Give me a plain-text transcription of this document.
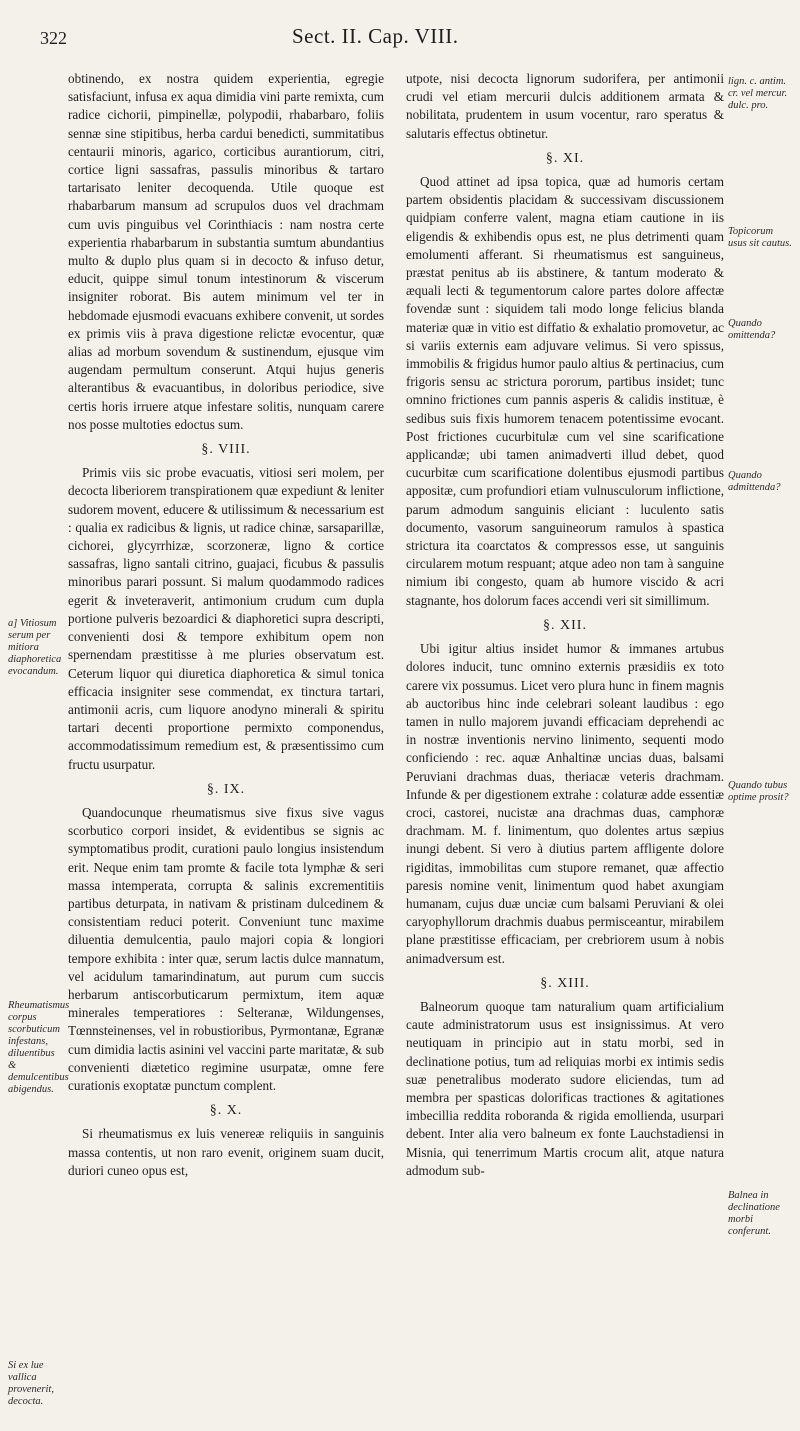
322	Sect. II. Cap. VIII.

obtinendo, ex nostra quidem experientia, egregie satisfaciunt, infusa ex aqua dimidia vini parte remixta, cum radice cichorii, pimpinellæ, polypodii, rhabarbaro, foliis sennæ sine stipitibus, herba cardui benedicti, summitatibus centaurii minoris, agarico, corticibus aurantiorum, citri, cortice ligni sassafras, passulis minoribus & tartaro tartarisato leniter decoquenda. Utile quoque est rhabarbarum mansum ad scrupulos duos vel drachmam cum uvis pinguibus vel Corinthiacis : nam nostra certe experientia rhabarbarum in substantia sumtum abundantius multo & duplo plus quam si in decocto & infuso detur, educit, quippe simul tonum intestinorum & viscerum insigniter roborat. Bis autem minimum vel ter in hebdomade ejusmodi evacuans exhibere convenit, ut sordes ex primis viis à prava digestione relictæ evocentur, quæ alias ad morbum sovendum & sustinendum, ejusque vim augendam permultum conserunt. Atqui hujus generis alterantibus & evacuantibus, in doloribus periodice, sive certis horis irruere atque infestare solitis, nunquam carere nos posse multoties edoctus sum.

§. VIII.

Primis viis sic probe evacuatis, vitiosi seri molem, per decocta liberiorem transpirationem quæ expediunt & leniter sudorem movent, educere & utilissimum & necessarium est : qualia ex radicibus & lignis, ut radice chinæ, sarsaparillæ, cichorei, glycyrrhizæ, scorzoneræ, ligno & cortice sassafras, ligno santali citrino, guajaci, ficubus & passulis minoribus parari possunt. Si malum quodammodo radices egerit & inveteraverit, antimonium crudum cum dupla portione pulveris bezoardici & diaphoretici supra descripti, convenienti dosi & tempore exhibitum opem non spernendam præstitisse à me pluries observatum est. Ceterum liquor qui diuretica diaphoretica & simul tonica efficacia insigniter sese commendat, ex tinctura tartari, antimonii acris, cum liquore anodyno minerali & spiritu tartari decenti proportione permixto componendus, accommodatissimum remedium est, & præsentissimo cum fructu usurpatur.

§. IX.

Quandocunque rheumatismus sive fixus sive vagus scorbutico corpori insidet, & evidentibus se signis ac symptomatibus prodit, curationi paulo longius insistendum erit. Neque enim tam promte & facile tota lymphæ & seri massa intemperata, corrupta & salinis excrementitiis partibus deturpata, in nativam & pristinam dulcedinem & consistentiam reduci poterit. Conveniunt tunc maxime diluentia demulcentia, paulo majori copia & longiori tempore exhibita : inter quæ, serum lactis dulce mannatum, vel acidulum tamarindinatum, aut purum cum succis herbarum antiscorbuticarum permixtum, item aquæ minerales temperatiores : Selteranæ, Wildungenses, Tœnnsteinenses, vel in robustioribus, Pyrmontanæ, Egranæ cum dimidia lactis asinini vel vaccini parte maritatæ, & sub convenienti diætetico regimine usurpatæ, omne fere curationis exoptatæ punctum complent.

§. X.

Si rheumatismus ex luis venereæ reliquiis in sanguinis massa contentis, ut non raro evenit, originem suam ducit, duriori cuneo opus est,

utpote, nisi decocta lignorum sudorifera, per antimonii crudi vel etiam mercurii dulcis additionem armata & nobilitata, prudentem in usum vocentur, raro speratus & salutaris effectus obtinetur.

§. XI.

Quod attinet ad ipsa topica, quæ ad humoris certam partem obsidentis placidam & successivam discussionem quidpiam conferre valent, magna etiam cautione in iis eligendis & exhibendis opus est, ne plus detrimenti quam emolumenti afferant. Si rheumatismus est sanguineus, præstat penitus ab iis abstinere, & tantum moderato & æquali lecti & tegumentorum calore partes dolore affectæ fovendæ sunt : siquidem tali modo longe felicius blanda materiæ quæ in vitio est diffatio & exhalatio promovetur, ac si variis externis eam adjuvare velimus. Si vero spissus, immobilis & frigidus humor paulo altius & pertinacius, cum frigoris sensu ac strictura pororum, partibus insidet; tunc omnino frictiones cum pannis asperis & calidis instituæ, è sedibus suis fixis humorem tenacem potentissime evocant. Post frictiones cucurbitulæ cum vel sine scarificatione applicandæ; ubi tamen animadverti illud debet, quod cucurbitæ cum scarificatione dolentibus ejusmodi partibus appositæ, cum profundiori etiam vulnusculorum inflictione, parum admodum sanguinis eliciant : luculento satis documento, vasorum sanguineorum ramulos à spastica strictura ita coarctatos & compressos esse, ut sanguinis circularem motum respuant; atque adeo non tam à sanguine nimium ibi congesto, quam ab humore viscido & acri stagnante, hos dolorum faces accendi veri sit simillimum.

§. XII.

Ubi igitur altius insidet humor & immanes artubus dolores inducit, tunc omnino externis præsidiis ex toto carere vix possumus. Licet vero plura hunc in finem magnis ab auctoribus hinc inde celebrari soleant laudibus : ego tamen in nullo majorem juvandi efficaciam deprehendi ac in nostræ inventionis nervino linimento, sequenti modo conficiendo : rec. aquæ Anhaltinæ uncias duas, balsami Peruviani drachmas duas, theriacæ veteris drachmam. Infunde & per digestionem extrahe : colaturæ adde essentiæ croci, castorei, nucistæ ana drachmas duas, camphoræ drachmam. M. f. linimentum, quo dolentes artus sæpius inungi debent. Si vero à diutius partem affligente dolore rigiditas, immobilitas cum stupore remanet, quæ affectio paresis nomine venit, linimentum quod habet axungiam humanam, cujus duæ unciæ cum balsami Peruviani & olei caryophyllorum drachmis duabus permisceantur, mirabilem plane præstitisse efficaciam, per crebriorem usum à nobis animadversum est.

§. XIII.

Balneorum quoque tam naturalium quam artificialium caute administratorum usus est insignissimus. At vero neutiquam in principio aut in statu morbi, sed in declinatione potius, tum ad reliquias morbi ex intimis sedis suæ penetralibus moderato sudore eliciendas, tum ad membra per spasticas dolorificas tractiones & agitationes imbecillia reddita roboranda & rigida emollienda, usurpari debent. Inter alia vero balneum ex fonte Lauchstadiensi in Misnia, qui tenerrimum Martis crocum alit, atque natura admodum sub-

a] Vitiosum serum per mitiora diaphoretica evocandum.
Rheumatismus corpus scorbuticum infestans, diluentibus & demulcentibus abigendus.
Si ex lue vallica provenerit, decocta.
lign. c. antim. cr. vel mercur. dulc. pro.
Topicorum usus sit cautus.
Quando omittenda?
Quando admittenda?
Quando tubus optime prosit?
Balnea in declinatione morbi conferunt.
